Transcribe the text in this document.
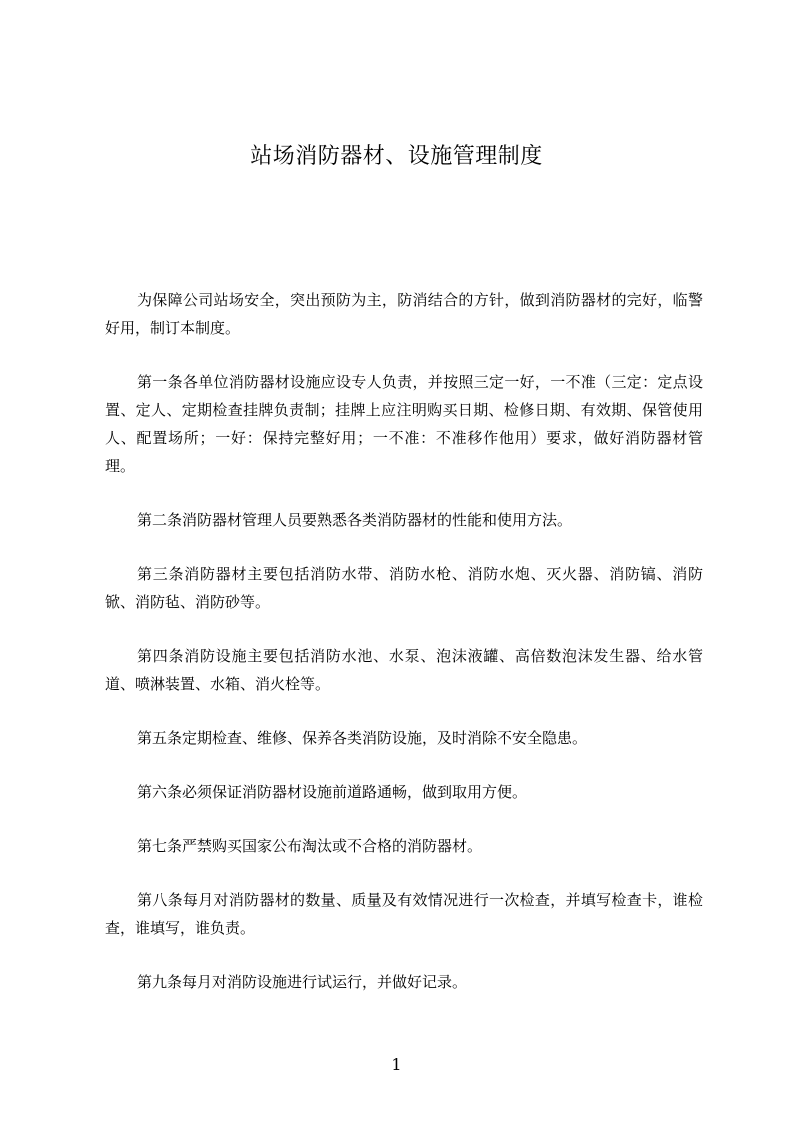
站场消防器材、设施管理制度

为保障公司站场安全，突出预防为主，防消结合的方针，做到消防器材的完好，临警好用，制订本制度。

第一条各单位消防器材设施应设专人负责，并按照三定一好，一不准（三定：定点设置、定人、定期检查挂牌负责制；挂牌上应注明购买日期、检修日期、有效期、保管使用人、配置场所；一好：保持完整好用；一不准：不准移作他用）要求，做好消防器材管理。

第二条消防器材管理人员要熟悉各类消防器材的性能和使用方法。

第三条消防器材主要包括消防水带、消防水枪、消防水炮、灭火器、消防镐、消防锨、消防毡、消防砂等。

第四条消防设施主要包括消防水池、水泵、泡沫液罐、高倍数泡沫发生器、给水管道、喷淋装置、水箱、消火栓等。

第五条定期检查、维修、保养各类消防设施，及时消除不安全隐患。

第六条必须保证消防器材设施前道路通畅，做到取用方便。

第七条严禁购买国家公布淘汰或不合格的消防器材。

第八条每月对消防器材的数量、质量及有效情况进行一次检查，并填写检查卡，谁检查，谁填写，谁负责。

第九条每月对消防设施进行试运行，并做好记录。

1
